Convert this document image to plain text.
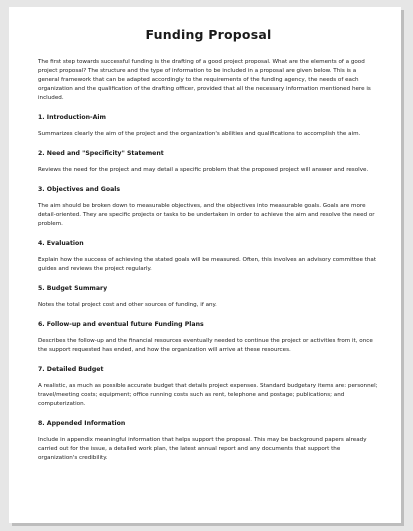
Funding Proposal

The first step towards successful funding is the drafting of a good project proposal. What are the elements of a good project proposal? The structure and the type of information to be included in a proposal are given below. This is a general framework that can be adapted accordingly to the requirements of the funding agency, the needs of each organization and the qualification of the drafting officer, provided that all the necessary information mentioned here is included.

1. Introduction-Aim

Summarizes clearly the aim of the project and the organization's abilities and qualifications to accomplish the aim.

2. Need and "Specificity" Statement

Reviews the need for the project and may detail a specific problem that the proposed project will answer and resolve.

3. Objectives and Goals

The aim should be broken down to measurable objectives, and the objectives into measurable goals. Goals are more detail-oriented. They are specific projects or tasks to be undertaken in order to achieve the aim and resolve the need or problem.

4. Evaluation

Explain how the success of achieving the stated goals will be measured. Often, this involves an advisory committee that guides and reviews the project regularly.

5. Budget Summary

Notes the total project cost and other sources of funding, if any.

6. Follow-up and eventual future Funding Plans

Describes the follow-up and the financial resources eventually needed to continue the project or activities from it, once the support requested has ended, and how the organization will arrive at these resources.

7. Detailed Budget

A realistic, as much as possible accurate budget that details project expenses. Standard budgetary items are: personnel; travel/meeting costs; equipment; office running costs such as rent, telephone and postage; publications; and computerization.

8. Appended Information

Include in appendix meaningful information that helps support the proposal. This may be background papers already carried out for the issue, a detailed work plan, the latest annual report and any documents that support the organization's credibility.
